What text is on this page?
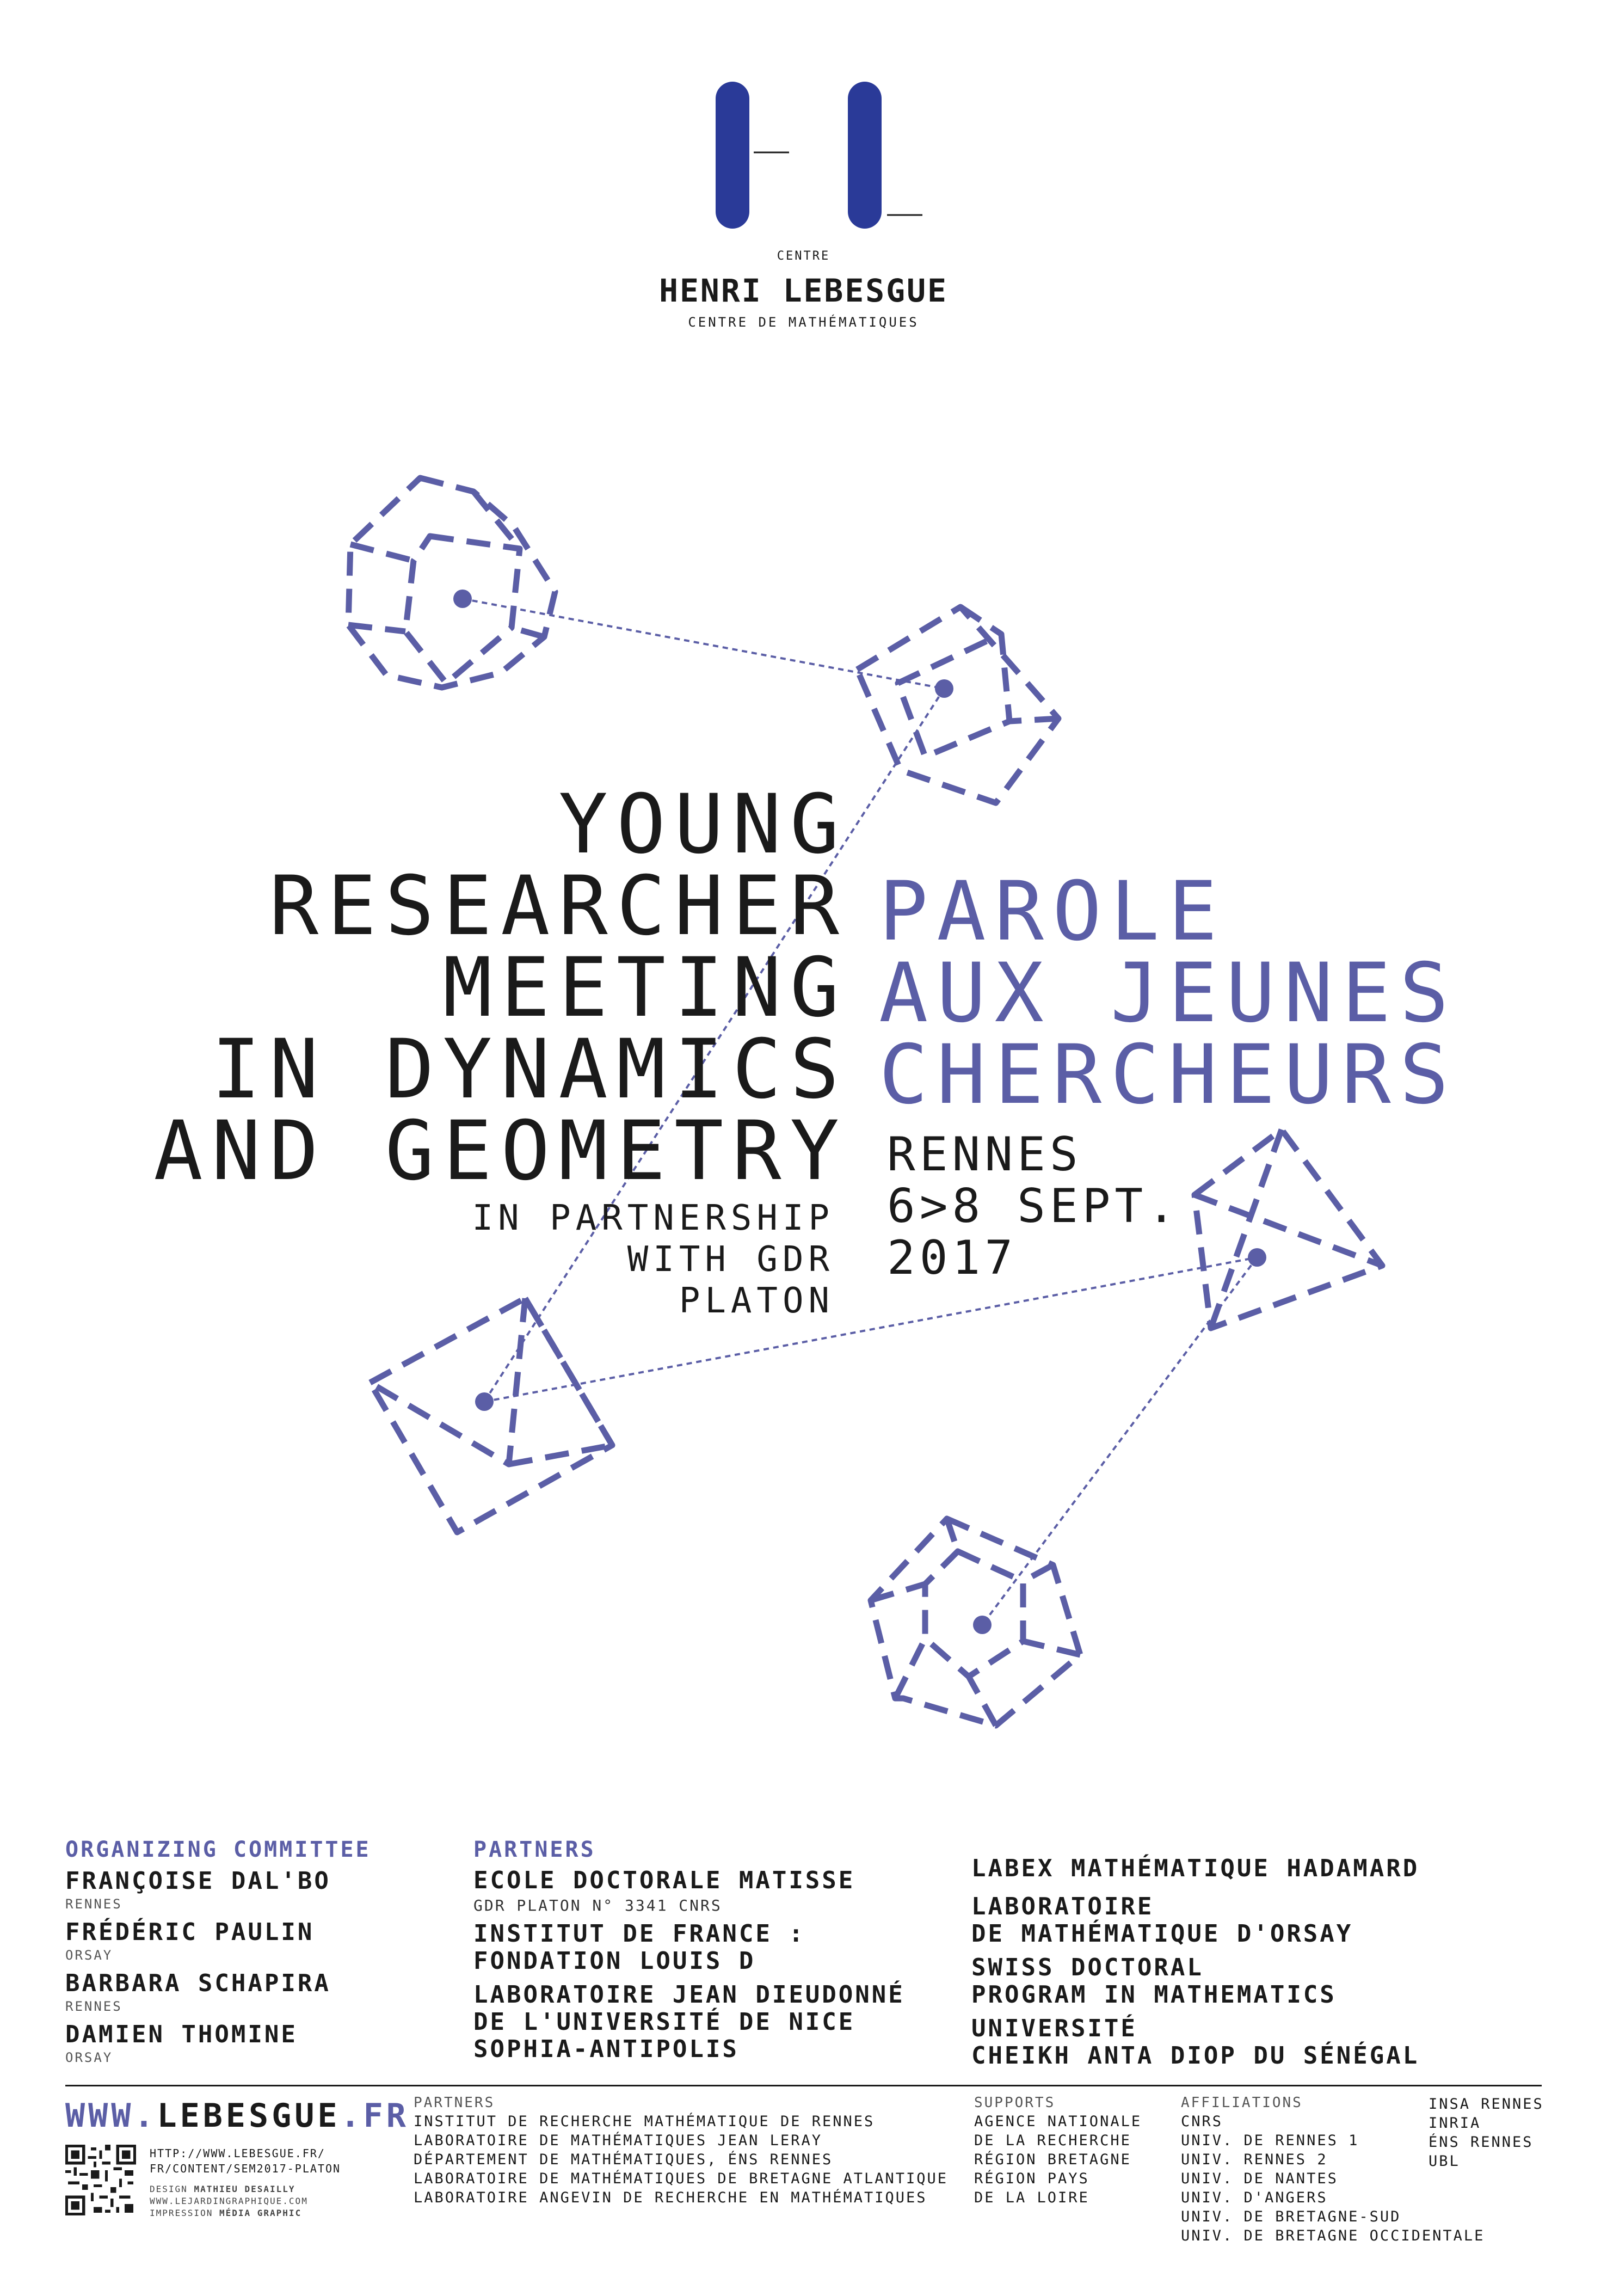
CENTRE
HENRI LEBESGUE
CENTRE DE MATHÉMATIQUES
YOUNG
RESEARCHER
MEETING
IN DYNAMICS
AND GEOMETRY
IN PARTNERSHIP
WITH GDR
PLATON
PAROLE
AUX JEUNES
CHERCHEURS
RENNES
6>8 SEPT.
2017
ORGANIZING COMMITTEE
FRANÇOISE DAL'BO
RENNES
FRÉDÉRIC PAULIN
ORSAY
BARBARA SCHAPIRA
RENNES
DAMIEN THOMINE
ORSAY
PARTNERS
ECOLE DOCTORALE MATISSE
GDR PLATON N° 3341 CNRS
INSTITUT DE FRANCE :
FONDATION LOUIS D
LABORATOIRE JEAN DIEUDONNÉ
DE L'UNIVERSITÉ DE NICE
SOPHIA-ANTIPOLIS
LABEX MATHÉMATIQUE HADAMARD
LABORATOIRE
DE MATHÉMATIQUE D'ORSAY
SWISS DOCTORAL
PROGRAM IN MATHEMATICS
UNIVERSITÉ
CHEIKH ANTA DIOP DU SÉNÉGAL
WWW.LEBESGUE.FR
HTTP://WWW.LEBESGUE.FR/
FR/CONTENT/SEM2017-PLATON
DESIGN MATHIEU DESAILLY
WWW.LEJARDINGRAPHIQUE.COM
IMPRESSION MÉDIA GRAPHIC
PARTNERS
INSTITUT DE RECHERCHE MATHÉMATIQUE DE RENNES
LABORATOIRE DE MATHÉMATIQUES JEAN LERAY
DÉPARTEMENT DE MATHÉMATIQUES, ÉNS RENNES
LABORATOIRE DE MATHÉMATIQUES DE BRETAGNE ATLANTIQUE
LABORATOIRE ANGEVIN DE RECHERCHE EN MATHÉMATIQUES
SUPPORTS
AGENCE NATIONALE
DE LA RECHERCHE
RÉGION BRETAGNE
RÉGION PAYS
DE LA LOIRE
AFFILIATIONS
CNRS
UNIV. DE RENNES 1
UNIV. RENNES 2
UNIV. DE NANTES
UNIV. D'ANGERS
UNIV. DE BRETAGNE-SUD
UNIV. DE BRETAGNE OCCIDENTALE
INSA RENNES
INRIA
ÉNS RENNES
UBL
